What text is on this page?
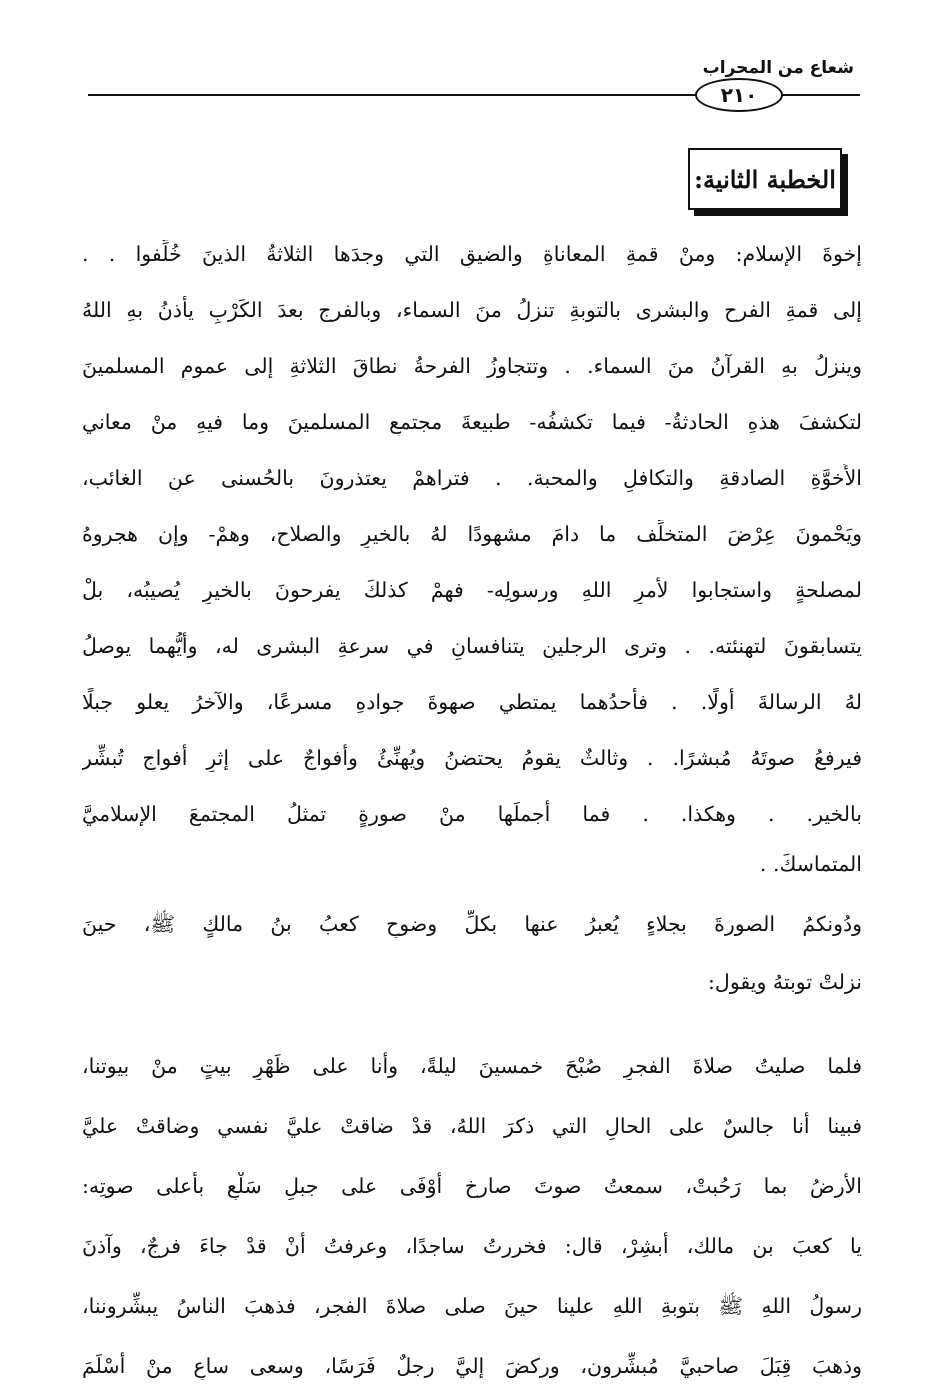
شعاع من المحراب
٢١٠
الخطبة الثانية:
إخوةَ الإسلام: ومنْ قمةِ المعاناةِ والضيقِ التي وجدَها الثلاثةُ الذينَ خُلِّفوا . .
إلى قمةِ الفرح والبشرى بالتوبةِ تنزلُ منَ السماء، وبالفرجِ بعدَ الكَرْبِ يأذنُ بهِ اللهُ
وينزلُ بهِ القرآنُ منَ السماء. . وتتجاوزُ الفرحةُ نطاقَ الثلاثةِ إلى عمومِ المسلمينَ
لتكشفَ هذهِ الحادثةُ- فيما تكشفُه- طبيعةَ مجتمعِ المسلمينَ وما فيهِ منْ معاني
الأُخوَّةِ الصادقةِ والتكافلِ والمحبة. . فتراهمْ يعتذرونَ بالحُسنى عنِ الغائب،
ويَحْمونَ عِرْضَ المتخلِّف ما دامَ مشهودًا لهُ بالخيرِ والصلاح، وهمْ- وإن هجروهُ
لمصلحةٍ واستجابوا لأمرِ اللهِ ورسولِه- فهمْ كذلكَ يفرحونَ بالخيرِ يُصيبُه، بلْ
يتسابقونَ لتهنئته. . وترى الرجلينِ يتنافسانِ في سرعةِ البشرى له، وأيُّهما يوصلُ
لهُ الرسالةَ أولًا. . فأحدُهما يمتطي صهوةَ جوادهِ مسرعًا، والآخرُ يعلو جبلًا
فيرفعُ صوتَهُ مُبشرًا. . وثالثٌ يقومُ يحتضنُ ويُهنِّئُ وأفواجٌ على إثرِ أفواجٍ تُبشِّر
بالخير. . وهكذا. . فما أجملَها منْ صورةٍ تمثلُ المجتمعَ الإسلاميَّ
المتماسكَ. .
ودُونكمُ الصورةَ بجلاءٍ يُعبرُ عنها بكلِّ وضوحٍ كعبُ بنُ مالكٍ ﷺ، حينَ
نزلتْ توبتهُ ويقول:
فلما صليتُ صلاةَ الفجرِ صُبْحَ خمسينَ ليلةً، وأنا على ظَهْرِ بيتٍ منْ بيوتنا،
فبينا أنا جالسٌ على الحالِ التي ذكرَ اللهُ، قدْ ضاقتْ عليَّ نفسي وضاقتْ عليَّ
الأرضُ بما رَحُبتْ، سمعتُ صوتَ صارخ أوْفَى على جبلِ سَلْعٍ بأعلى صوتِه:
يا كعبَ بن مالك، أبشِرْ، قال: فخررتُ ساجدًا، وعرفتُ أنْ قدْ جاءَ فرجٌ، وآذنَ
رسولُ اللهِ ﷺ بتوبةِ اللهِ علينا حينَ صلى صلاةَ الفجر، فذهبَ الناسُ يبشِّروننا،
وذهبَ قِبَلَ صاحبيَّ مُبشِّرون، وركضَ إليَّ رجلٌ فَرَسًا، وسعى ساعٍ منْ أَسْلَمَ
